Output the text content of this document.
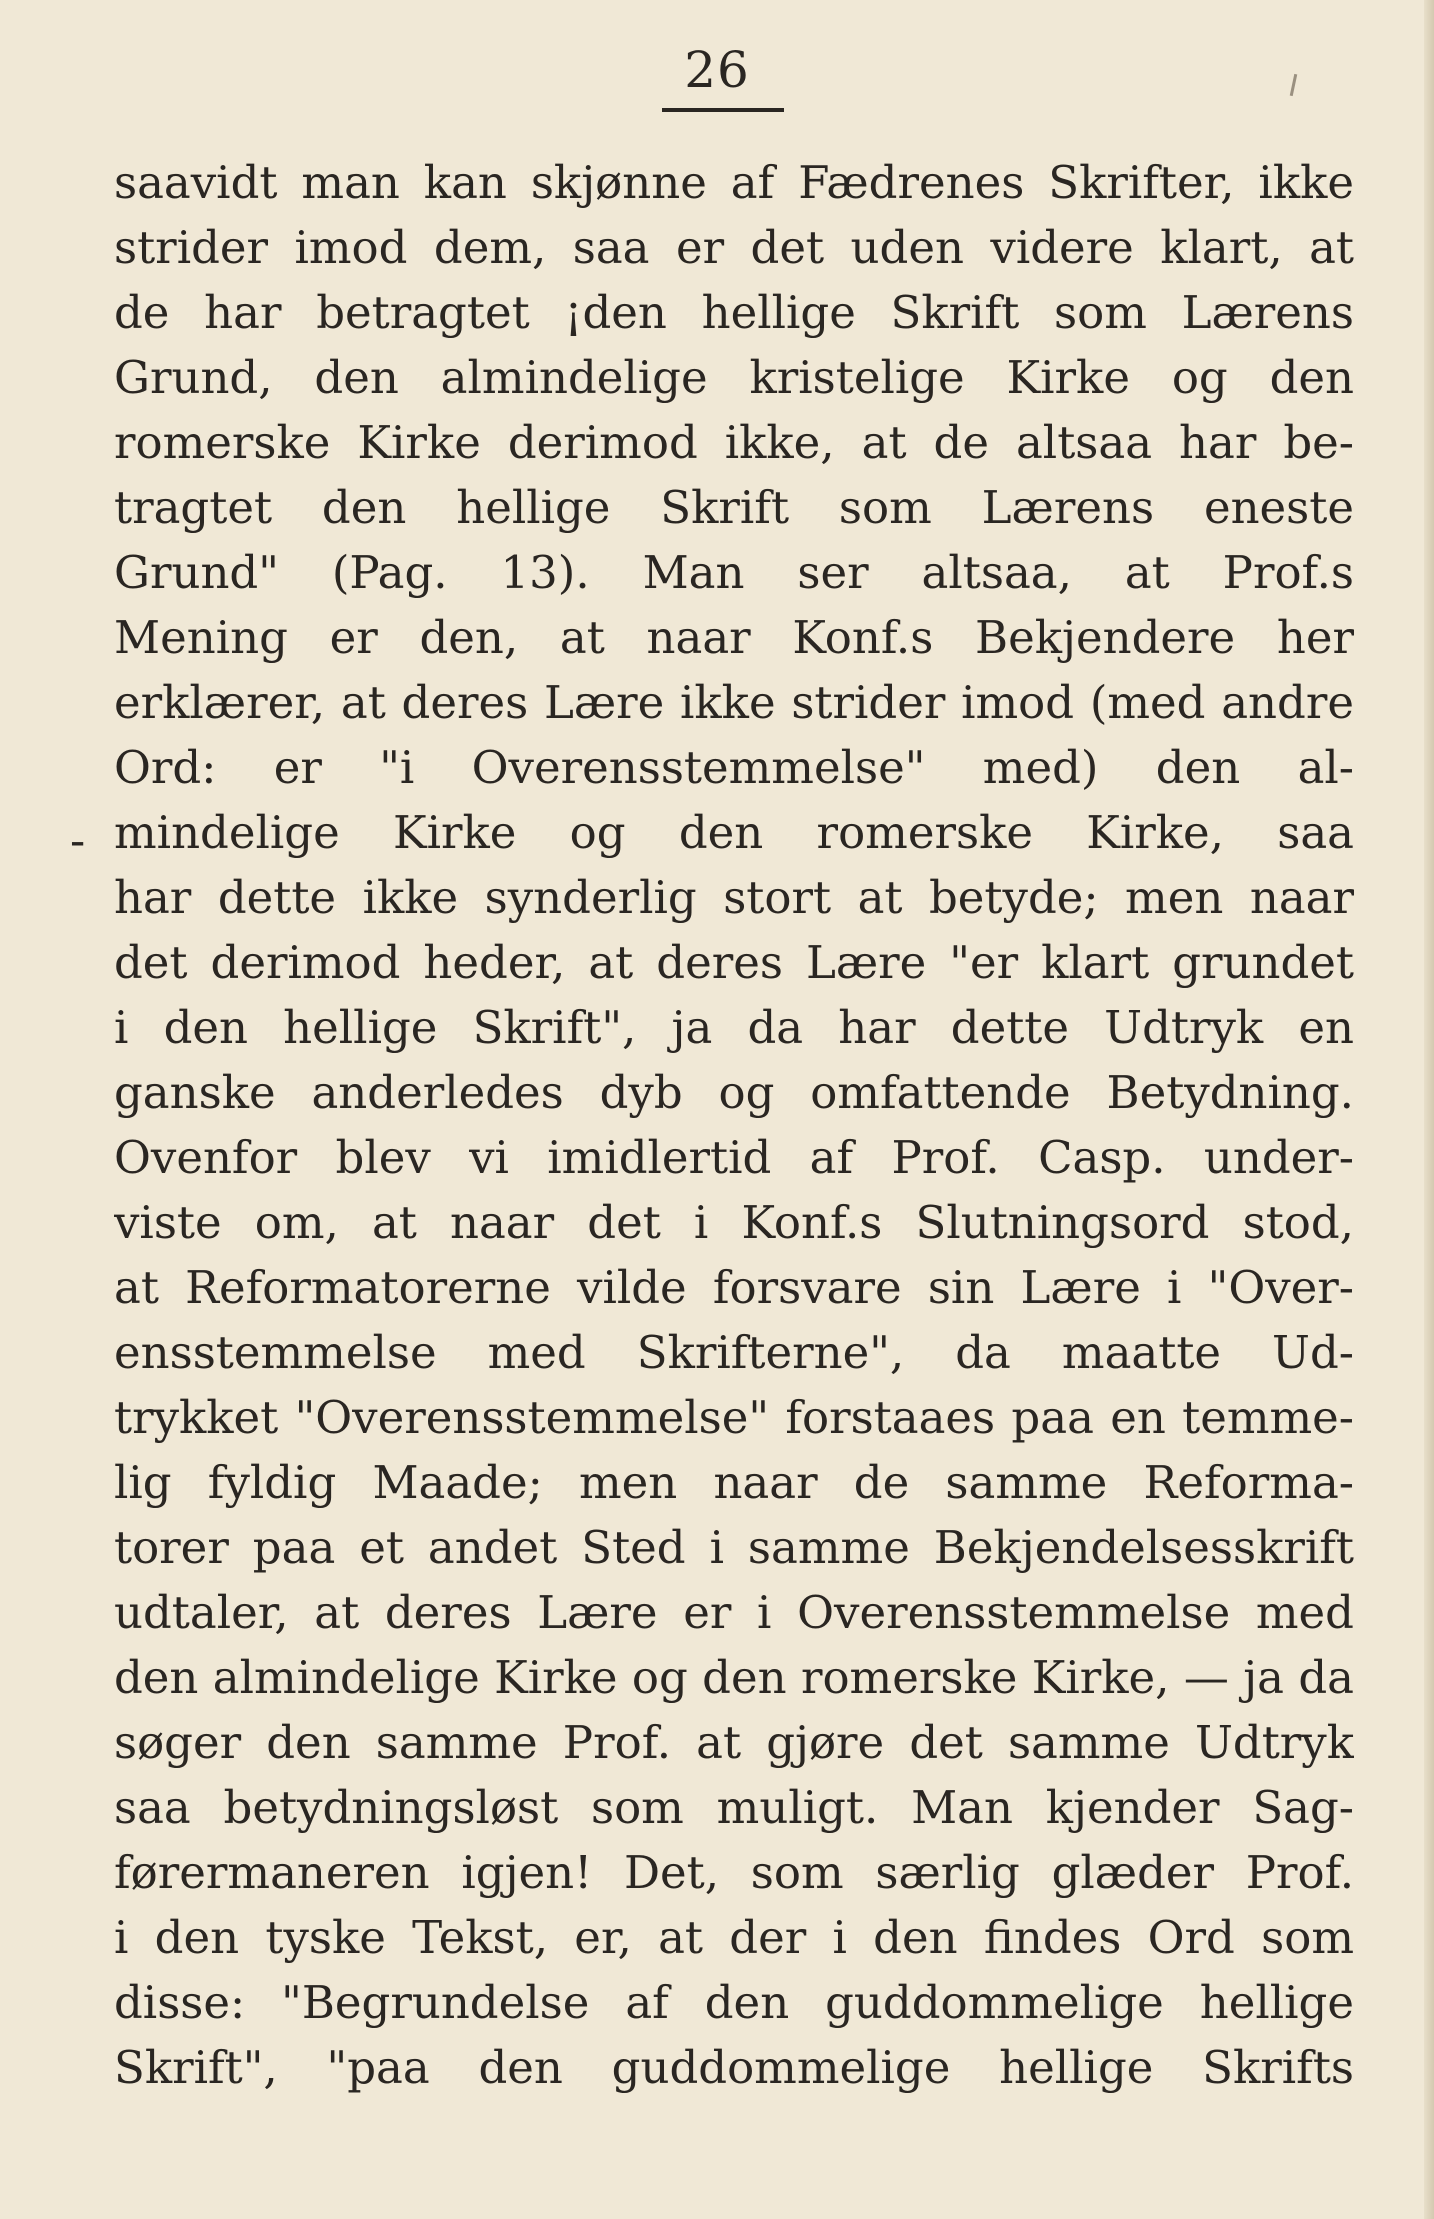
26
-
saavidt man kan skjønne af Fædrenes Skrifter, ikke
strider imod dem, saa er det uden videre klart, at
de har betragtet ¡den hellige Skrift som Lærens
Grund, den almindelige kristelige Kirke og den
romerske Kirke derimod ikke, at de altsaa har be-
tragtet den hellige Skrift som Lærens eneste
Grund" (Pag. 13). Man ser altsaa, at Prof.s
Mening er den, at naar Konf.s Bekjendere her
erklærer, at deres Lære ikke strider imod (med andre
Ord: er "i Overensstemmelse" med) den al-
mindelige Kirke og den romerske Kirke, saa
har dette ikke synderlig stort at betyde; men naar
det derimod heder, at deres Lære "er klart grundet
i den hellige Skrift", ja da har dette Udtryk en
ganske anderledes dyb og omfattende Betydning.
Ovenfor blev vi imidlertid af Prof. Casp. under-
viste om, at naar det i Konf.s Slutningsord stod,
at Reformatorerne vilde forsvare sin Lære i "Over-
ensstemmelse med Skrifterne", da maatte Ud-
trykket "Overensstemmelse" forstaaes paa en temme-
lig fyldig Maade; men naar de samme Reforma-
torer paa et andet Sted i samme Bekjendelsesskrift
udtaler, at deres Lære er i Overensstemmelse med
den almindelige Kirke og den romerske Kirke, — ja da
søger den samme Prof. at gjøre det samme Udtryk
saa betydningsløst som muligt. Man kjender Sag-
førermaneren igjen! Det, som særlig glæder Prof.
i den tyske Tekst, er, at der i den findes Ord som
disse: "Begrundelse af den guddommelige hellige
Skrift", "paa den guddommelige hellige Skrifts
